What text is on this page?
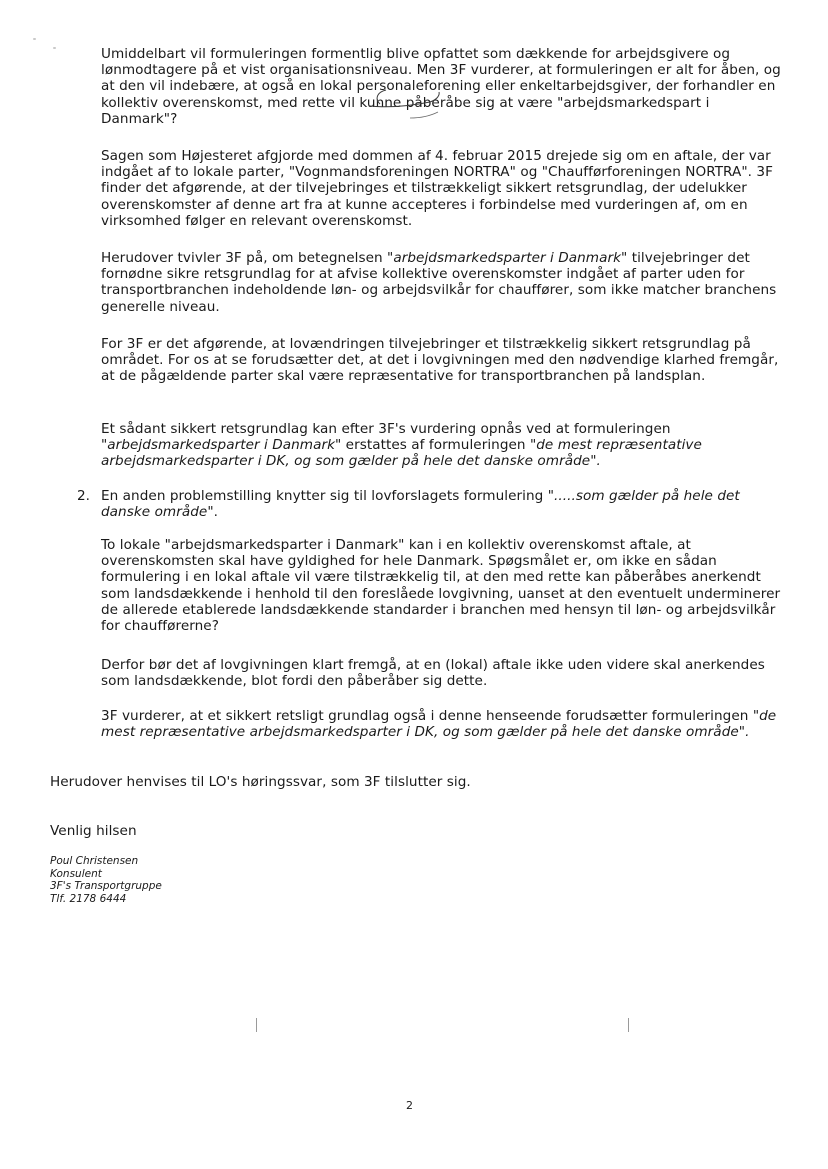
Umiddelbart vil formuleringen formentlig blive opfattet som dækkende for arbejdsgivere og lønmodtagere på et vist organisationsniveau. Men 3F vurderer, at formuleringen er alt for åben, og at den vil indebære, at også en lokal personaleforening eller enkeltarbejdsgiver, der forhandler en kollektiv overenskomst, med rette vil kunne påberåbe sig at være "arbejdsmarkedspart i Danmark"?

Sagen som Højesteret afgjorde med dommen af 4. februar 2015 drejede sig om en aftale, der var indgået af to lokale parter, "Vognmandsforeningen NORTRA" og "Chaufførforeningen NORTRA". 3F finder det afgørende, at der tilvejebringes et tilstrækkeligt sikkert retsgrundlag, der udelukker overenskomster af denne art fra at kunne accepteres i forbindelse med vurderingen af, om en virksomhed følger en relevant overenskomst.

Herudover tvivler 3F på, om betegnelsen "arbejdsmarkedsparter i Danmark" tilvejebringer det fornødne sikre retsgrundlag for at afvise kollektive overenskomster indgået af parter uden for transportbranchen indeholdende løn- og arbejdsvilkår for chauffører, som ikke matcher branchens generelle niveau.

For 3F er det afgørende, at lovændringen tilvejebringer et tilstrækkelig sikkert retsgrundlag på området. For os at se forudsætter det, at det i lovgivningen med den nødvendige klarhed fremgår, at de pågældende parter skal være repræsentative for transportbranchen på landsplan.

Et sådant sikkert retsgrundlag kan efter 3F's vurdering opnås ved at formuleringen "arbejdsmarkedsparter i Danmark" erstattes af formuleringen "de mest repræsentative arbejdsmarkedsparter i DK, og som gælder på hele det danske område".

2. En anden problemstilling knytter sig til lovforslagets formulering ".....som gælder på hele det danske område".

To lokale "arbejdsmarkedsparter i Danmark" kan i en kollektiv overenskomst aftale, at overenskomsten skal have gyldighed for hele Danmark. Spøgsmålet er, om ikke en sådan formulering i en lokal aftale vil være tilstrækkelig til, at den med rette kan påberåbes anerkendt som landsdækkende i henhold til den foreslåede lovgivning, uanset at den eventuelt underminerer de allerede etablerede landsdækkende standarder i branchen med hensyn til løn- og arbejdsvilkår for chaufførerne?

Derfor bør det af lovgivningen klart fremgå, at en (lokal) aftale ikke uden videre skal anerkendes som landsdækkende, blot fordi den påberåber sig dette.

3F vurderer, at et sikkert retsligt grundlag også i denne henseende forudsætter formuleringen "de mest repræsentative arbejdsmarkedsparter i DK, og som gælder på hele det danske område".

Herudover henvises til LO's høringssvar, som 3F tilslutter sig.

Venlig hilsen

Poul Christensen
Konsulent
3F's Transportgruppe
Tlf. 2178 6444
2
